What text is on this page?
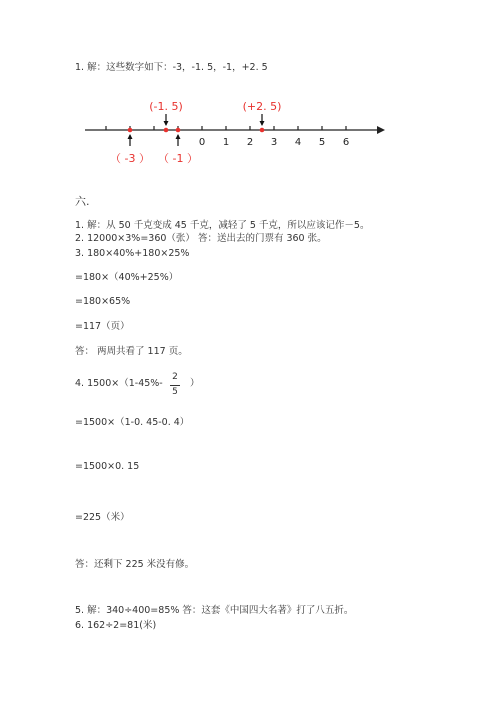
1. 解：这些数字如下：-3，-1. 5，-1，+2. 5
0 1 2 3 4 5 6
（ -3 ）
(-1. 5)
（ -1 ）
(+2. 5)
六.
1. 解：从 50 千克变成 45 千克，减轻了 5 千克，所以应该记作－5。
2. 12000×3%=360（张） 答：送出去的门票有 360 张。
3. 180×40%+180×25%
=180×（40%+25%）
=180×65%
=117（页）
答： 两周共看了 117 页。
4. 1500×（1-45%-
2
5
）
=1500×（1-0. 45-0. 4）
=1500×0. 15
=225（米）
答：还剩下 225 米没有修。
5. 解：340÷400=85% 答：这套《中国四大名著》打了八五折。
6. 162÷2=81(米)
